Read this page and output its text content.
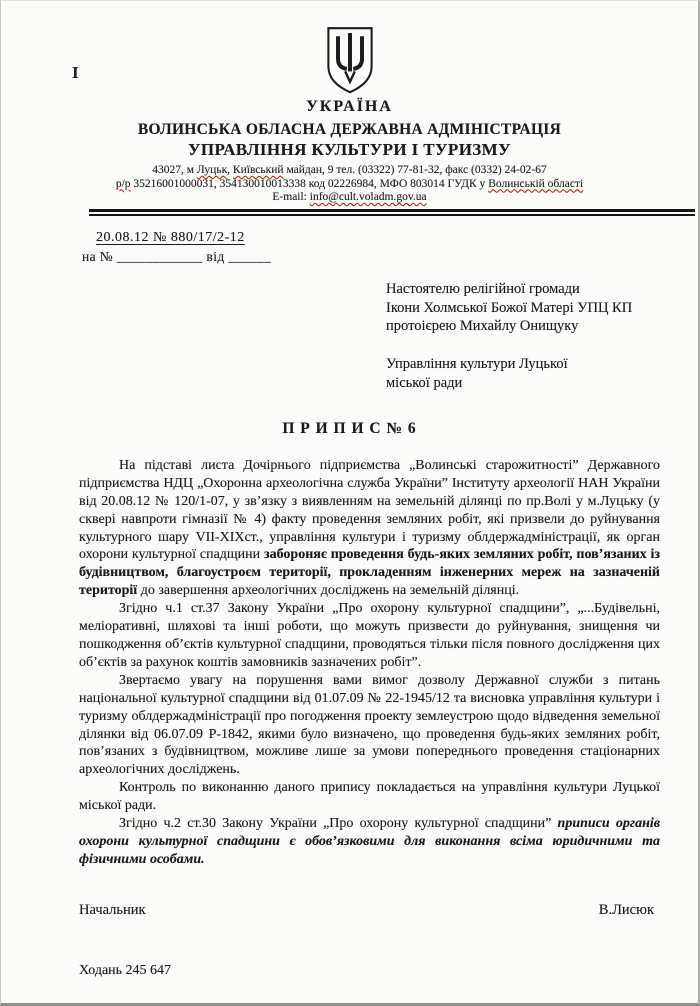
I
УКРАЇНА
ВОЛИНСЬКА ОБЛАСНА ДЕРЖАВНА АДМІНІСТРАЦІЯ
УПРАВЛІННЯ КУЛЬТУРИ І ТУРИЗМУ
43027, м Луцьк, Київський майдан, 9 тел. (03322) 77-81-32, факс (0332) 24-02-67
р/р 35216001000031, 354130010013338 код 02226984, МФО 803014 ГУДК у Волинській області
E-mail: info@cult.voladm.gov.ua
20.08.12 № 880/17/2-12
на № ____________ від ______
Настоятелю релігійної громади
Ікони Холмської Божої Матері УПЦ КП
протоієрею Михайлу Онищуку
Управління культури Луцької
міської ради
П Р И П И С № 6

На підставі листа Дочірнього підприємства „Волинські старожитності” Державного підприємства НДЦ „Охоронна археологічна служба України” Інституту археології НАН України від 20.08.12 № 120/1-07, у зв’язку з виявленням на земельній ділянці по пр.Волі у м.Луцьку (у сквері навпроти гімназії № 4) факту проведення земляних робіт, які призвели до руйнування культурного шару VII-XIXст., управління культури і туризму облдержадміністрації, як орган охорони культурної спадщини забороняє проведення будь-яких земляних робіт, пов’язаних із будівництвом, благоустроєм території, прокладенням інженерних мереж на зазначеній території до завершення археологічних досліджень на земельній ділянці.

Згідно ч.1 ст.37 Закону України „Про охорону культурної спадщини”, „...Будівельні, меліоративні, шляхові та інші роботи, що можуть призвести до руйнування, знищення чи пошкодження об’єктів культурної спадщини, проводяться тільки після повного дослідження цих об’єктів за рахунок коштів замовників зазначених робіт”.

Звертаємо увагу на порушення вами вимог дозволу Державної служби з питань національної культурної спадщини від 01.07.09 № 22-1945/12 та висновка управління культури і туризму облдержадміністрації про погодження проекту землеустрою щодо відведення земельної ділянки від 06.07.09 Р-1842, якими було визначено, що проведення будь-яких земляних робіт, пов’язаних з будівництвом, можливе лише за умови попереднього проведення стаціонарних археологічних досліджень.

Контроль по виконанню даного припису покладається на управління культури Луцької міської ради.

Згідно ч.2 ст.30 Закону України „Про охорону культурної спадщини” приписи органів охорони культурної спадщини є обов’язковими для виконання всіма юридичними та фізичними особами.

Начальник	В.Лисюк
Ходань 245 647
